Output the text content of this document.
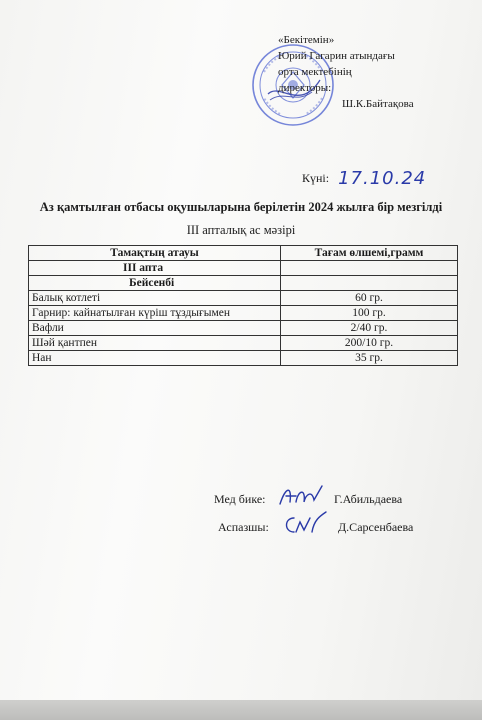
«Бекітемін»
Юрий Гагарин атындағы
орта мектебінің
директоры:
Ш.К.Байтақова
Күні: 17.10.24
Аз қамтылған отбасы оқушыларына берілетін 2024 жылға бір мезгілді
III апталық ас мәзірі
Тамақтың атауы	Тағам өлшемі,грамм
III апта	
Бейсенбі	
Балық котлеті	60 гр.
Гарнир: кайнатылған күріш тұздығымен	100 гр.
Вафли	2/40 гр.
Шәй қантпен	200/10 гр.
Нан	35 гр.
Мед бике:	Г.Абильдаева
Аспазшы:	Д.Сарсенбаева
